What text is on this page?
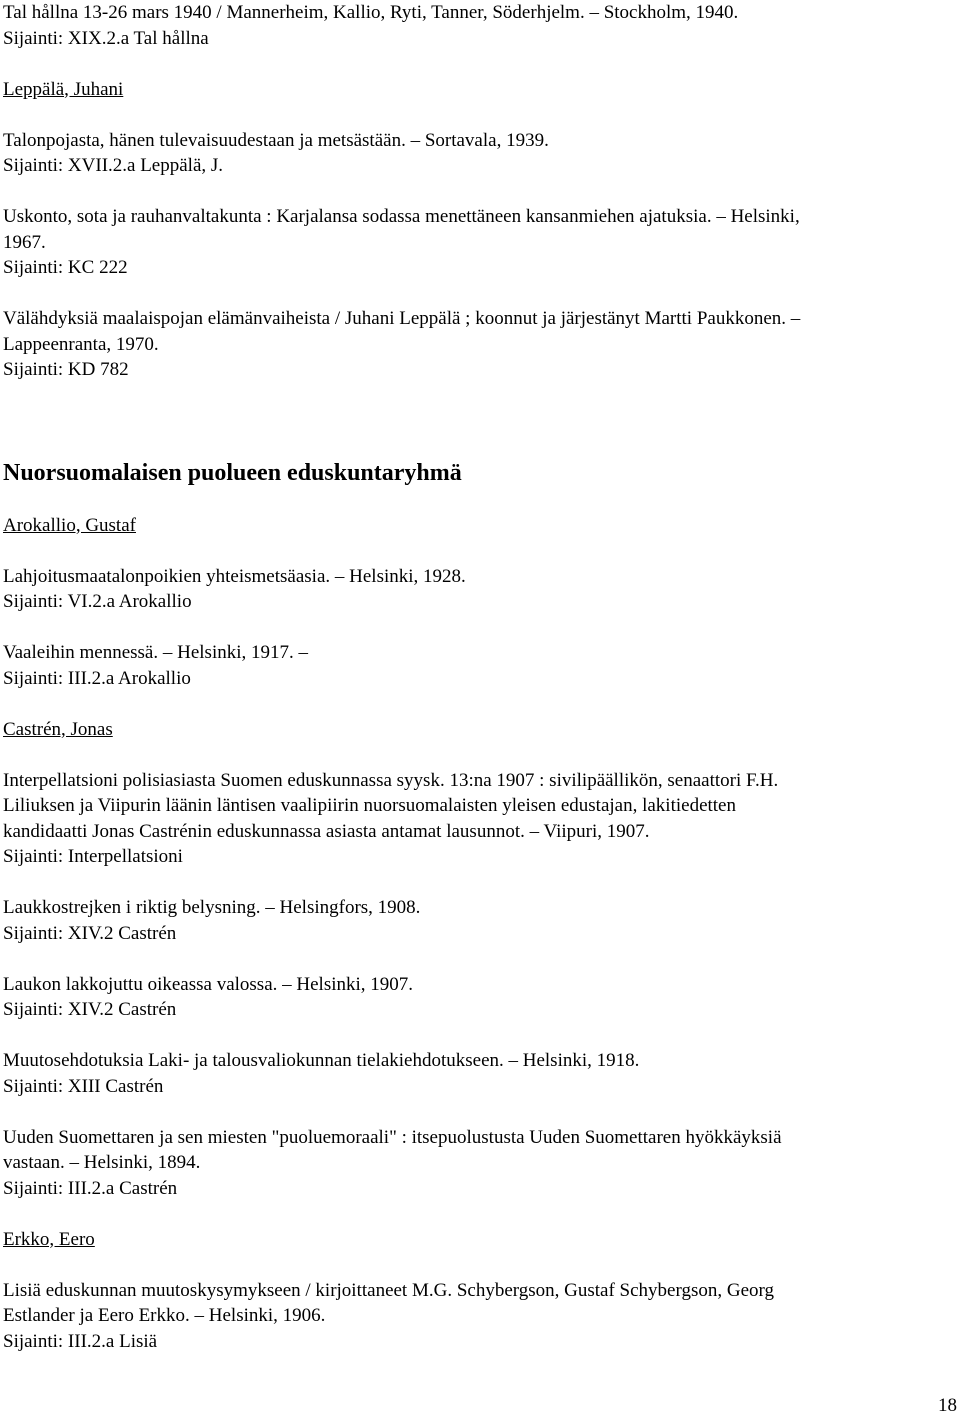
Tal hållna 13-26 mars 1940 / Mannerheim, Kallio, Ryti, Tanner, Söderhjelm. – Stockholm, 1940.
Sijainti: XIX.2.a Tal hållna
Leppälä, Juhani
Talonpojasta, hänen tulevaisuudestaan ja metsästään. – Sortavala, 1939.
Sijainti: XVII.2.a Leppälä, J.
Uskonto, sota ja rauhanvaltakunta : Karjalansa sodassa menettäneen kansanmiehen ajatuksia. – Helsinki,
1967.
Sijainti: KC 222
Välähdyksiä maalaispojan elämänvaiheista / Juhani Leppälä ; koonnut ja järjestänyt Martti Paukkonen. –
Lappeenranta, 1970.
Sijainti: KD 782
Nuorsuomalaisen puolueen eduskuntaryhmä
Arokallio, Gustaf
Lahjoitusmaatalonpoikien yhteismetsäasia. – Helsinki, 1928.
Sijainti: VI.2.a Arokallio
Vaaleihin mennessä. – Helsinki, 1917. –
Sijainti: III.2.a Arokallio
Castrén, Jonas
Interpellatsioni polisiasiasta Suomen eduskunnassa syysk. 13:na 1907 : sivilipäällikön, senaattori F.H.
Liliuksen ja Viipurin läänin läntisen vaalipiirin nuorsuomalaisten yleisen edustajan, lakitiedetten
kandidaatti Jonas Castrénin eduskunnassa asiasta antamat lausunnot. – Viipuri, 1907.
Sijainti: Interpellatsioni
Laukkostrejken i riktig belysning. – Helsingfors, 1908.
Sijainti: XIV.2 Castrén
Laukon lakkojuttu oikeassa valossa. – Helsinki, 1907.
Sijainti: XIV.2 Castrén
Muutosehdotuksia Laki- ja talousvaliokunnan tielakiehdotukseen. – Helsinki, 1918.
Sijainti: XIII Castrén
Uuden Suomettaren ja sen miesten "puoluemoraali" : itsepuolustusta Uuden Suomettaren hyökkäyksiä
vastaan. – Helsinki, 1894.
Sijainti: III.2.a Castrén
Erkko, Eero
Lisiä eduskunnan muutoskysymykseen / kirjoittaneet M.G. Schybergson, Gustaf Schybergson, Georg
Estlander ja Eero Erkko. – Helsinki, 1906.
Sijainti: III.2.a Lisiä
18
